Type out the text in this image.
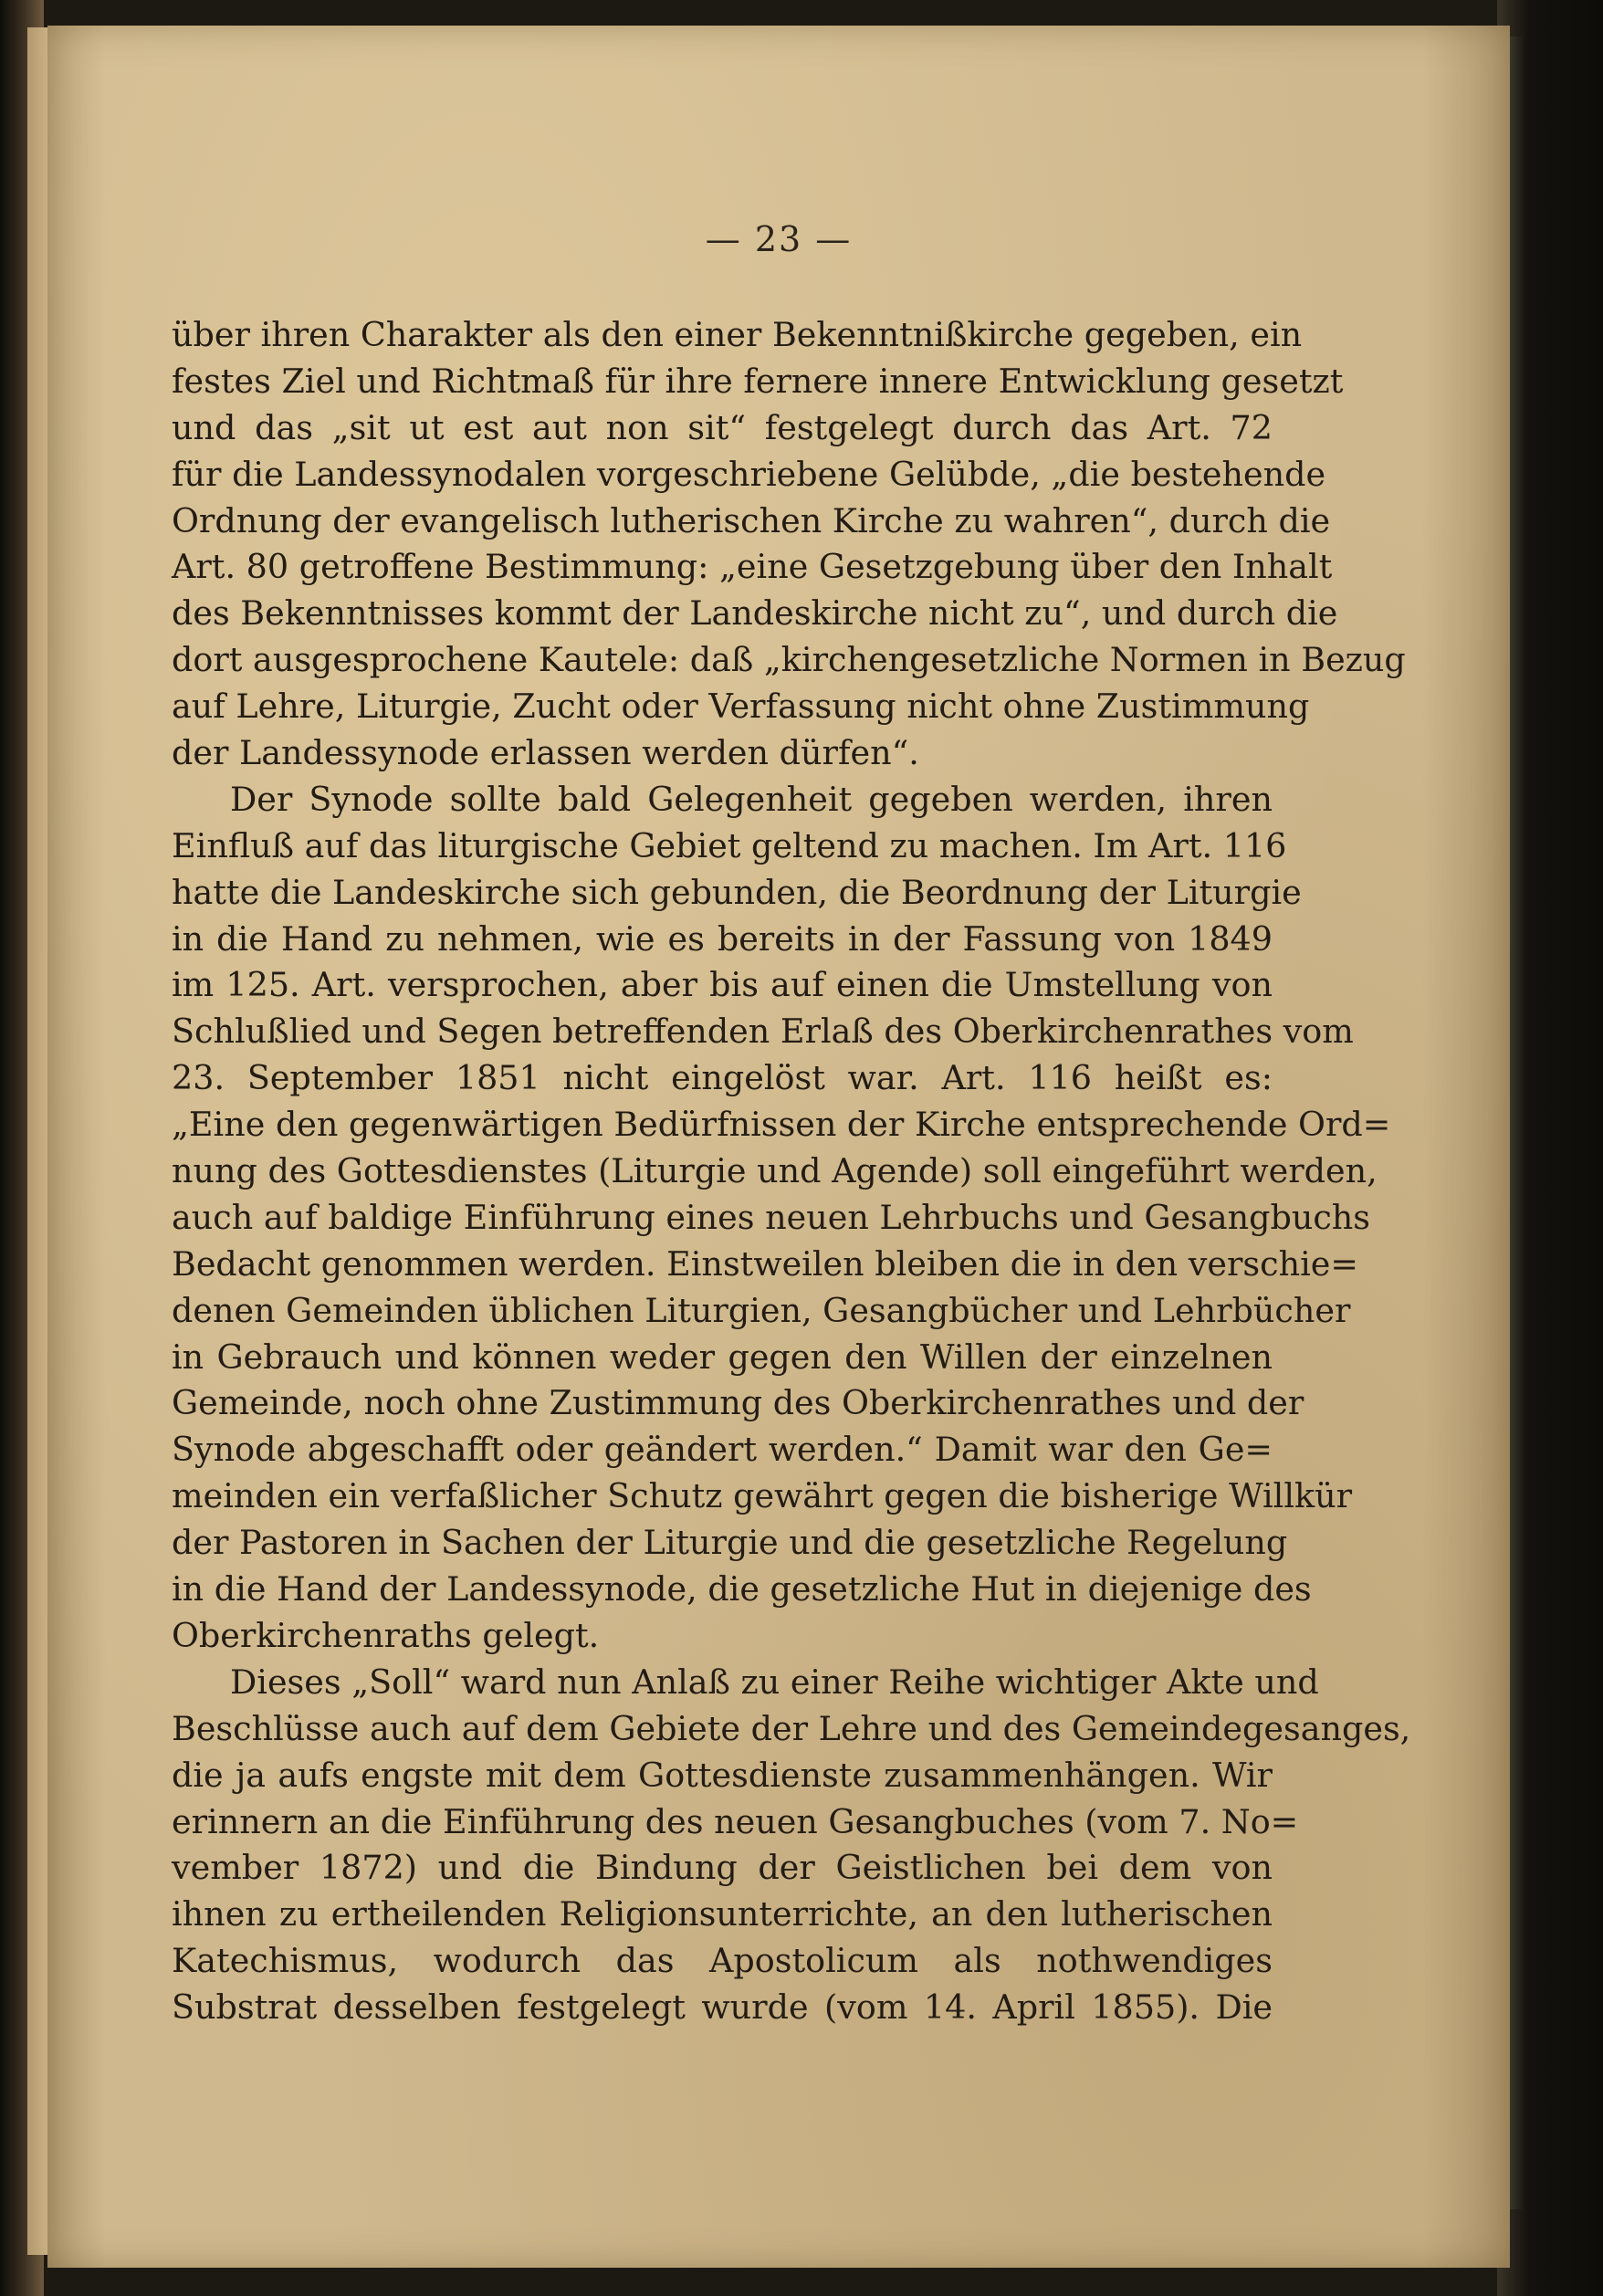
— 23 —
über ihren Charakter als den einer Bekenntnißkirche gegeben, ein
festes Ziel und Richtmaß für ihre fernere innere Entwicklung gesetzt
und das „sit ut est aut non sit“ festgelegt durch das Art. 72
für die Landessynodalen vorgeschriebene Gelübde, „die bestehende
Ordnung der evangelisch lutherischen Kirche zu wahren“, durch die
Art. 80 getroffene Bestimmung: „eine Gesetzgebung über den Inhalt
des Bekenntnisses kommt der Landeskirche nicht zu“, und durch die
dort ausgesprochene Kautele: daß „kirchengesetzliche Normen in Bezug
auf Lehre, Liturgie, Zucht oder Verfassung nicht ohne Zustimmung
der Landessynode erlassen werden dürfen“.
Der Synode sollte bald Gelegenheit gegeben werden, ihren
Einfluß auf das liturgische Gebiet geltend zu machen. Im Art. 116
hatte die Landeskirche sich gebunden, die Beordnung der Liturgie
in die Hand zu nehmen, wie es bereits in der Fassung von 1849
im 125. Art. versprochen, aber bis auf einen die Umstellung von
Schlußlied und Segen betreffenden Erlaß des Oberkirchenrathes vom
23. September 1851 nicht eingelöst war. Art. 116 heißt es:
„Eine den gegenwärtigen Bedürfnissen der Kirche entsprechende Ord=
nung des Gottesdienstes (Liturgie und Agende) soll eingeführt werden,
auch auf baldige Einführung eines neuen Lehrbuchs und Gesangbuchs
Bedacht genommen werden. Einstweilen bleiben die in den verschie=
denen Gemeinden üblichen Liturgien, Gesangbücher und Lehrbücher
in Gebrauch und können weder gegen den Willen der einzelnen
Gemeinde, noch ohne Zustimmung des Oberkirchenrathes und der
Synode abgeschafft oder geändert werden.“ Damit war den Ge=
meinden ein verfaßlicher Schutz gewährt gegen die bisherige Willkür
der Pastoren in Sachen der Liturgie und die gesetzliche Regelung
in die Hand der Landessynode, die gesetzliche Hut in diejenige des
Oberkirchenraths gelegt.
Dieses „Soll“ ward nun Anlaß zu einer Reihe wichtiger Akte und
Beschlüsse auch auf dem Gebiete der Lehre und des Gemeindegesanges,
die ja aufs engste mit dem Gottesdienste zusammenhängen. Wir
erinnern an die Einführung des neuen Gesangbuches (vom 7. No=
vember 1872) und die Bindung der Geistlichen bei dem von
ihnen zu ertheilenden Religionsunterrichte, an den lutherischen
Katechismus, wodurch das Apostolicum als nothwendiges
Substrat desselben festgelegt wurde (vom 14. April 1855). Die
